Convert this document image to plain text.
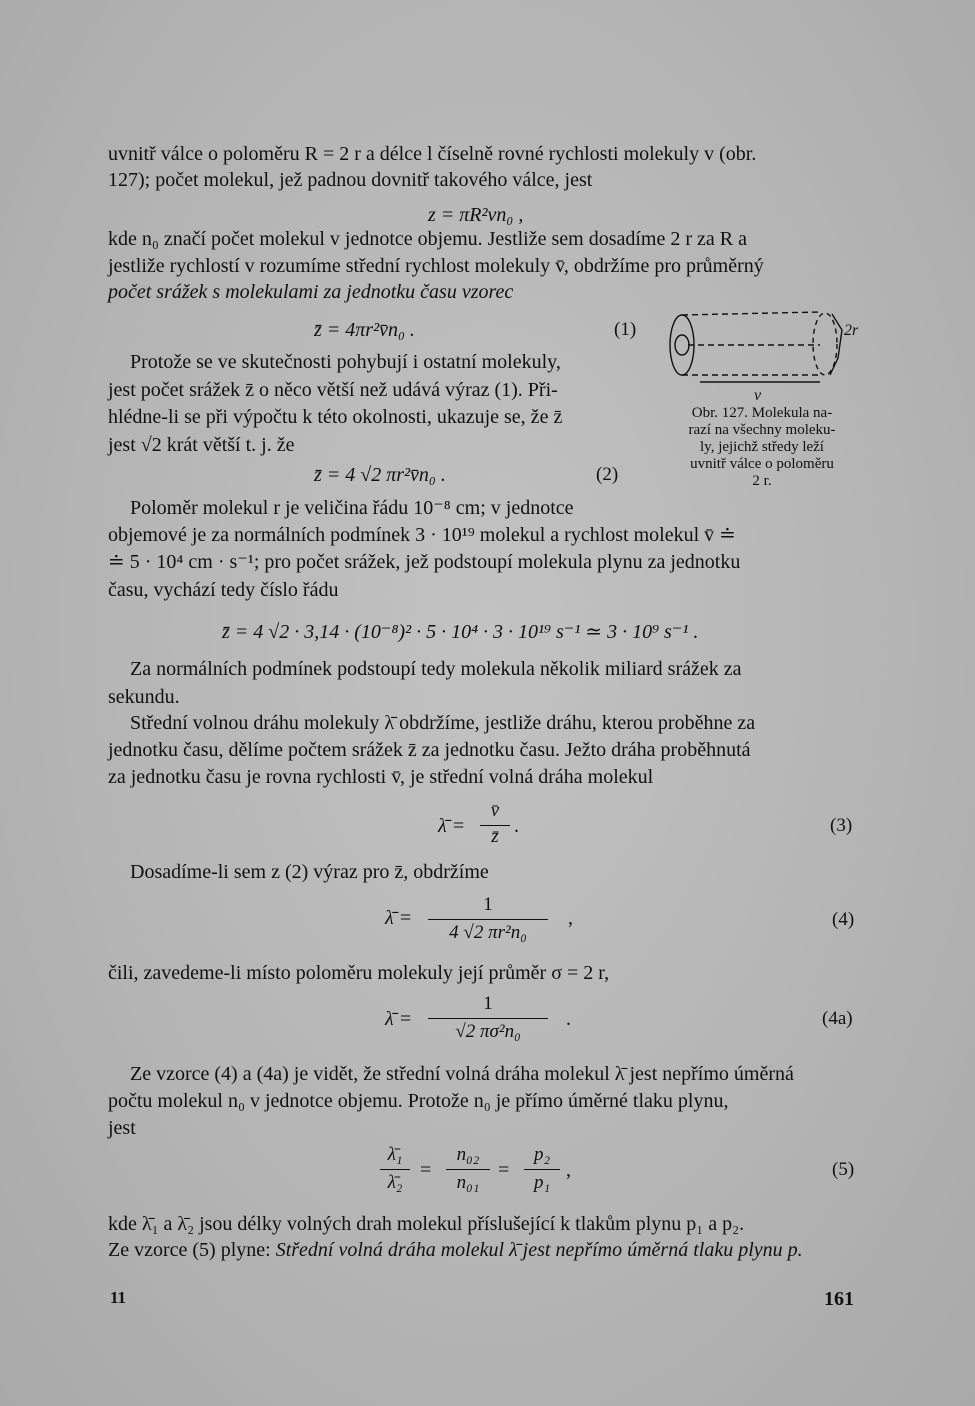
uvnitř válce o poloměru R = 2 r a délce l číselně rovné rychlosti molekuly v (obr.
127); počet molekul, jež padnou dovnitř takového válce, jest
z = πR²vn₀ ,
kde n₀ značí počet molekul v jednotce objemu. Jestliže sem dosadíme 2 r za R a
jestliže rychlostí v rozumíme střední rychlost molekuly v̄, obdržíme pro průměrný
počet srážek s molekulami za jednotku času vzorec
z̄ = 4πr²v̄n₀ .	(1)
Protože se ve skutečnosti pohybují i ostatní molekuly,
jest počet srážek z̄ o něco větší než udává výraz (1). Při-
hlédne-li se při výpočtu k této okolnosti, ukazuje se, že z̄
jest √2 krát větší t. j. že
z̄ = 4 √2 πr²v̄n₀ .	(2)
2r
v
Obr. 127. Molekula na-
razí na všechny moleku-
ly, jejichž středy leží
uvnitř válce o poloměru
2 r.
Poloměr molekul r je veličina řádu 10⁻⁸ cm; v jednotce
objemové je za normálních podmínek 3 · 10¹⁹ molekul a rychlost molekul v̄ ≐
≐ 5 · 10⁴ cm · s⁻¹; pro počet srážek, jež podstoupí molekula plynu za jednotku
času, vychází tedy číslo řádu
z̄ = 4 √2 · 3,14 · (10⁻⁸)² · 5 · 10⁴ · 3 · 10¹⁹ s⁻¹ ≃ 3 · 10⁹ s⁻¹ .
Za normálních podmínek podstoupí tedy molekula několik miliard srážek za
sekundu.
Střední volnou dráhu molekuly λ̄ obdržíme, jestliže dráhu, kterou proběhne za
jednotku času, dělíme počtem srážek z̄ za jednotku času. Ježto dráha proběhnutá
za jednotku času je rovna rychlosti v̄, je střední volná dráha molekul
λ̄ =
v̄
z̄ .	(3)
Dosadíme-li sem z (2) výraz pro z̄, obdržíme
λ̄ =
1
4 √2 πr²n₀
,	(4)
čili, zavedeme-li místo poloměru molekuly její průměr σ = 2 r,
λ̄ =
1
√2 πσ²n₀
.	(4a)
Ze vzorce (4) a (4a) je vidět, že střední volná dráha molekul λ̄ jest nepřímo úměrná
počtu molekul n₀ v jednotce objemu. Protože n₀ je přímo úměrné tlaku plynu,
jest
λ̄₁
λ̄₂
=
n₀₂
n₀₁
=
p₂
p₁
,	(5)
kde λ̄₁ a λ̄₂ jsou délky volných drah molekul příslušející k tlakům plynu p₁ a p₂.
Ze vzorce (5) plyne: Střední volná dráha molekul λ̄ jest nepřímo úměrná tlaku plynu p.
11	161
